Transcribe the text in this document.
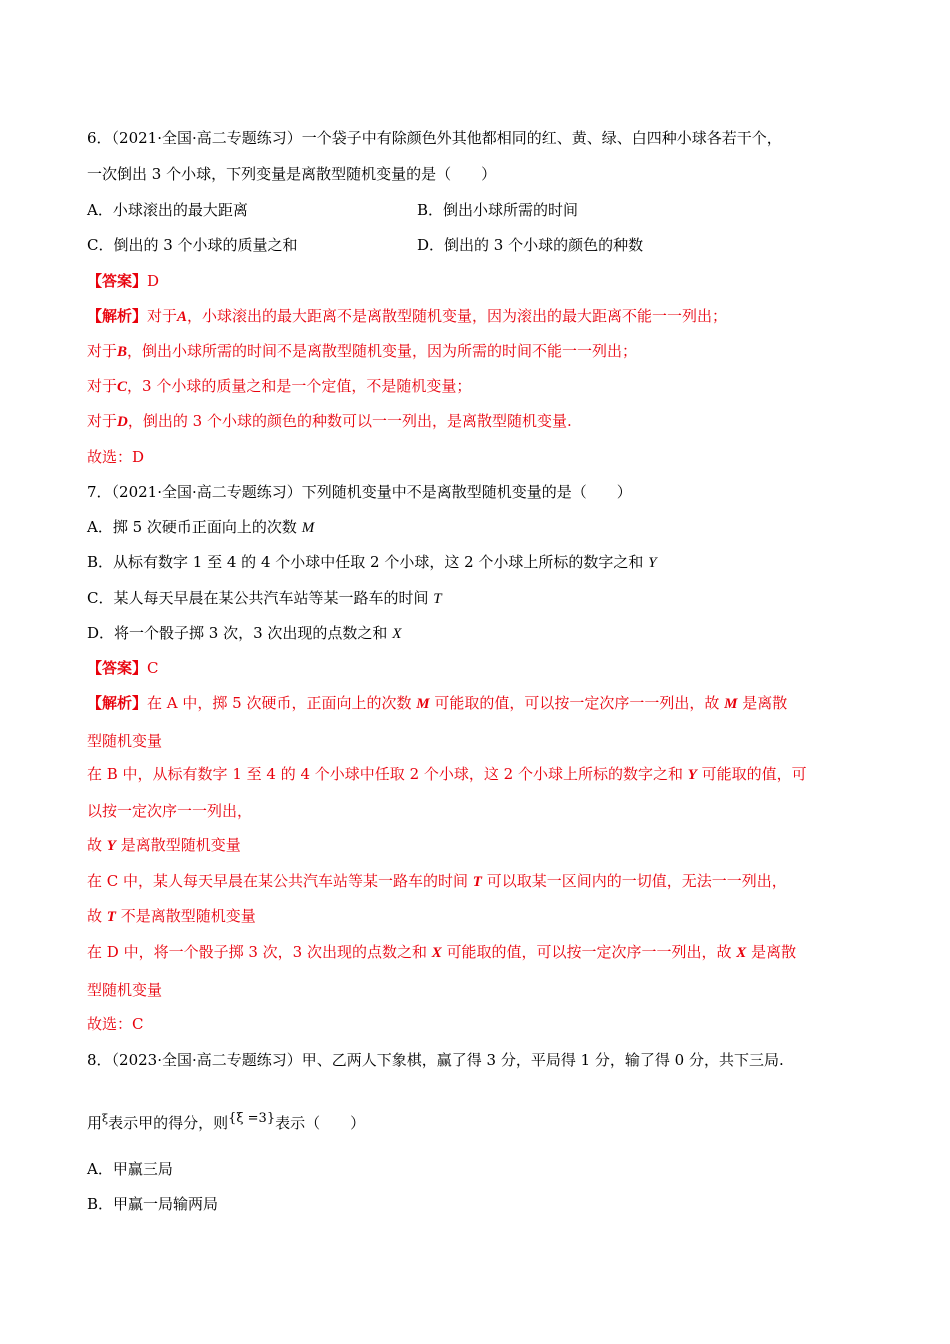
6．（2021·全国·高二专题练习）一个袋子中有除颜色外其他都相同的红、黄、绿、白四种小球各若干个，
一次倒出 3 个小球，下列变量是离散型随机变量的是（　　）
A．小球滚出的最大距离	B．倒出小球所需的时间
C．倒出的 3 个小球的质量之和	D．倒出的 3 个小球的颜色的种数
【答案】D
【解析】对于A，小球滚出的最大距离不是离散型随机变量，因为滚出的最大距离不能一一列出；
对于B，倒出小球所需的时间不是离散型随机变量，因为所需的时间不能一一列出；
对于C，3 个小球的质量之和是一个定值，不是随机变量；
对于D，倒出的 3 个小球的颜色的种数可以一一列出，是离散型随机变量.
故选：D
7．（2021·全国·高二专题练习）下列随机变量中不是离散型随机变量的是（　　）
A．掷 5 次硬币正面向上的次数 M
B．从标有数字 1 至 4 的 4 个小球中任取 2 个小球，这 2 个小球上所标的数字之和 Y
C．某人每天早晨在某公共汽车站等某一路车的时间 T
D．将一个骰子掷 3 次，3 次出现的点数之和 X
【答案】C
【解析】在 A 中，掷 5 次硬币，正面向上的次数 M 可能取的值，可以按一定次序一一列出，故 M 是离散
型随机变量
在 B 中，从标有数字 1 至 4 的 4 个小球中任取 2 个小球，这 2 个小球上所标的数字之和 Y 可能取的值，可
以按一定次序一一列出，
故 Y 是离散型随机变量
在 C 中，某人每天早晨在某公共汽车站等某一路车的时间 T 可以取某一区间内的一切值，无法一一列出，
故 T 不是离散型随机变量
在 D 中，将一个骰子掷 3 次，3 次出现的点数之和 X 可能取的值，可以按一定次序一一列出，故 X 是离散
型随机变量
故选：C
8．（2023·全国·高二专题练习）甲、乙两人下象棋，赢了得 3 分，平局得 1 分，输了得 0 分，共下三局.
用$^\xi$表示甲的得分，则{ξ =3}表示（　　）
A．甲赢三局
B．甲赢一局输两局
